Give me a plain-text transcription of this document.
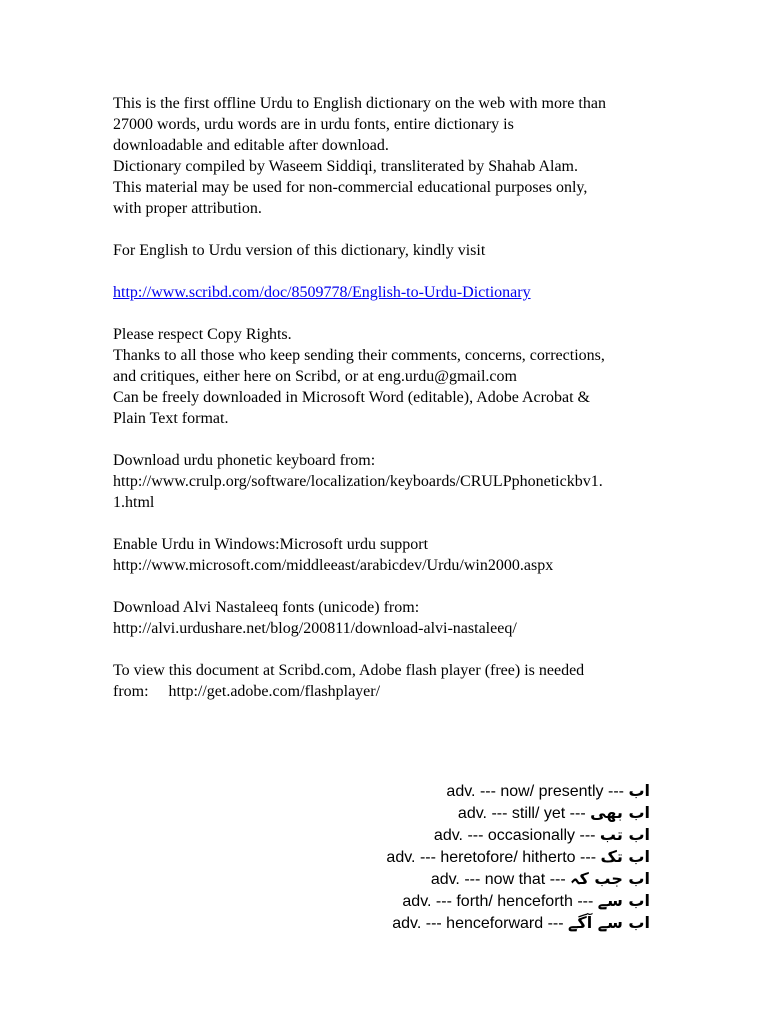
This is the first offline Urdu to English dictionary on the web with more than
27000 words, urdu words are in urdu fonts, entire dictionary is
downloadable and editable after download.
Dictionary compiled by Waseem Siddiqi, transliterated by Shahab Alam.
This material may be used for non-commercial educational purposes only,
with proper attribution.

For English to Urdu version of this dictionary, kindly visit

http://www.scribd.com/doc/8509778/English-to-Urdu-Dictionary

Please respect Copy Rights.
Thanks to all those who keep sending their comments, concerns, corrections,
and critiques, either here on Scribd, or at eng.urdu@gmail.com
Can be freely downloaded in Microsoft Word (editable), Adobe Acrobat &
Plain Text format.

Download urdu phonetic keyboard from:
http://www.crulp.org/software/localization/keyboards/CRULPphonetickbv1.
1.html

Enable Urdu in Windows:Microsoft urdu support
http://www.microsoft.com/middleeast/arabicdev/Urdu/win2000.aspx

Download Alvi Nastaleeq fonts (unicode) from:
http://alvi.urdushare.net/blog/200811/download-alvi-nastaleeq/

To view this document at Scribd.com, Adobe flash player (free) is needed
from:     http://get.adobe.com/flashplayer/

adv. --- now/ presently --- اب
adv. --- still/ yet --- اب بھی
adv. --- occasionally --- اب تب
adv. --- heretofore/ hitherto --- اب تک
adv. --- now that --- اب جب کہ
adv. --- forth/ henceforth --- اب سے
adv. --- henceforward --- اب سے آگے
